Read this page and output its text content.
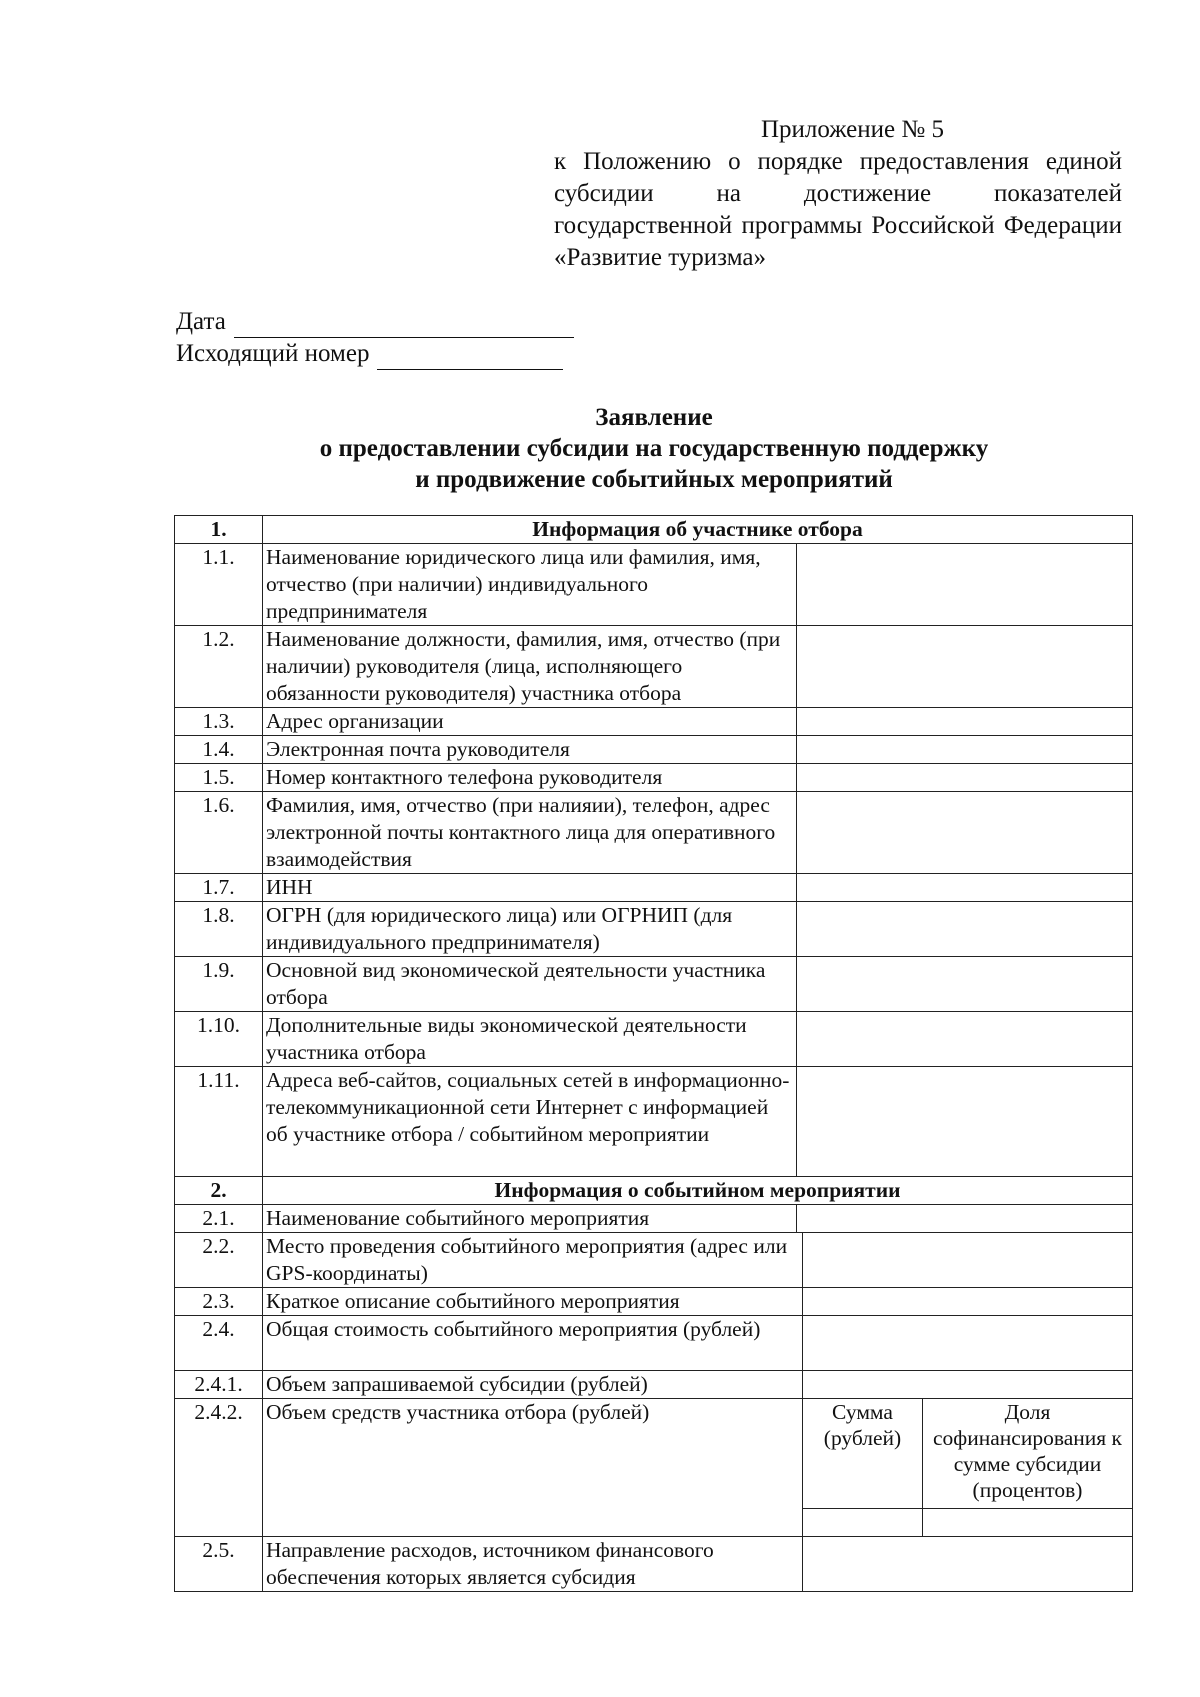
Приложение № 5
к Положению о порядке предоставления единой субсидии на достижение показателей государственной программы Российской Федерации «Развитие туризма»
Дата
Исходящий номер
Заявление
о предоставлении субсидии на государственную поддержку
и продвижение событийных мероприятий
1.	Информация об участнике отбора			
1.1.	Наименование юридического лица или фамилия, имя, отчество (при наличии) индивидуального предпринимателя			
1.2.	Наименование должности, фамилия, имя, отчество (при наличии) руководителя (лица, исполняющего обязанности руководителя) участника отбора			
1.3.	Адрес организации			
1.4.	Электронная почта руководителя			
1.5.	Номер контактного телефона руководителя			
1.6.	Фамилия, имя, отчество (при налияии), телефон, адрес электронной почты контактного лица для оперативного взаимодействия			
1.7.	ИНН			
1.8.	ОГРН (для юридического лица) или ОГРНИП (для индивидуального предпринимателя)			
1.9.	Основной вид экономической деятельности участника отбора			
1.10.	Дополнительные виды экономической деятельности участника отбора			
1.11.	Адреса веб-сайтов, социальных сетей в информационно-телекоммуникационной сети Интернет с информацией об участнике отбора / событийном мероприятии			
2.	Информация о событийном мероприятии			
2.1.	Наименование событийного мероприятия			
2.2.	Место проведения событийного мероприятия (адрес или GPS-координаты)			
2.3.	Краткое описание событийного мероприятия			
2.4.	Общая стоимость событийного мероприятия (рублей)			
2.4.1.	Объем запрашиваемой субсидии (рублей)			
2.4.2.	Объем средств участника отбора (рублей)		Сумма (рублей)	Доля софинансирования к сумме субсидии (процентов)

2.5.	Направление расходов, источником финансового обеспечения которых является субсидия			
